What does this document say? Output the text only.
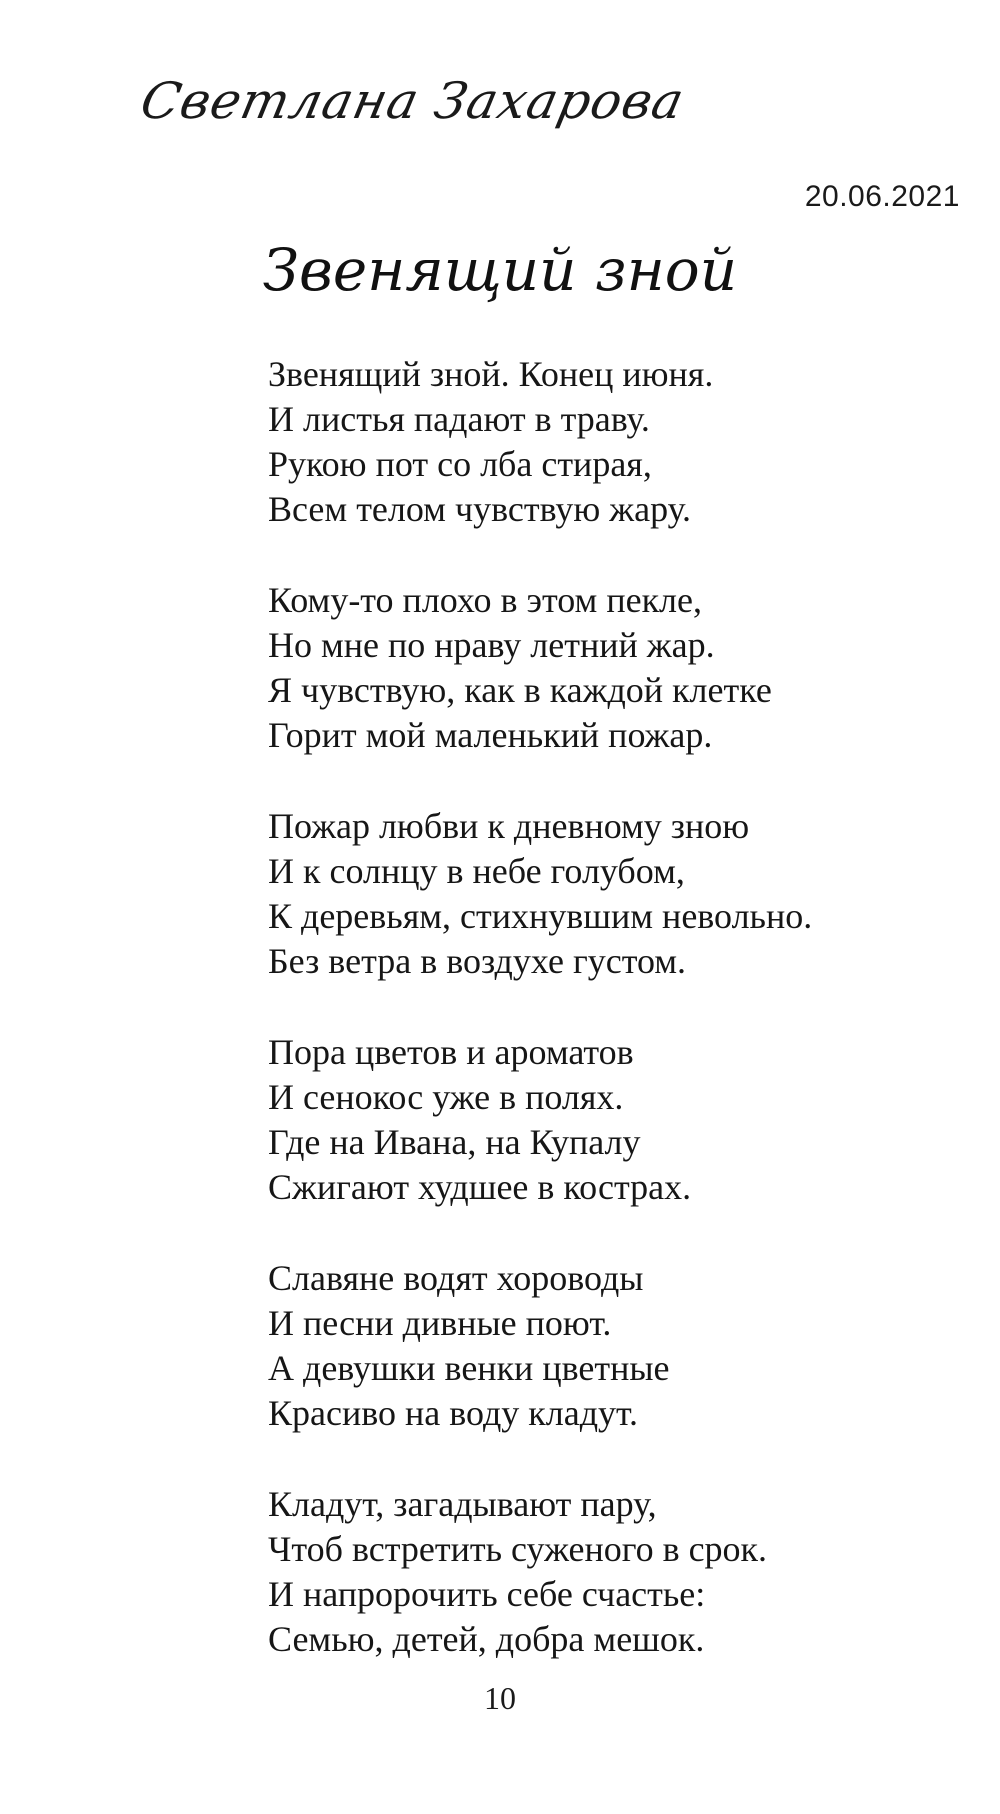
Светлана Захарова
20.06.2021
Звенящий зной
Звенящий зной. Конец июня.
И листья падают в траву.
Рукою пот со лба стирая,
Всем телом чувствую жару.
Кому-то плохо в этом пекле,
Но мне по нраву летний жар.
Я чувствую, как в каждой клетке
Горит мой маленький пожар.
Пожар любви к дневному зною
И к солнцу в небе голубом,
К деревьям, стихнувшим невольно.
Без ветра в воздухе густом.
Пора цветов и ароматов
И сенокос уже в полях.
Где на Ивана, на Купалу
Сжигают худшее в кострах.
Славяне водят хороводы
И песни дивные поют.
А девушки венки цветные
Красиво на воду кладут.
Кладут, загадывают пару,
Чтоб встретить суженого в срок.
И напророчить себе счастье:
Семью, детей, добра мешок.
10
